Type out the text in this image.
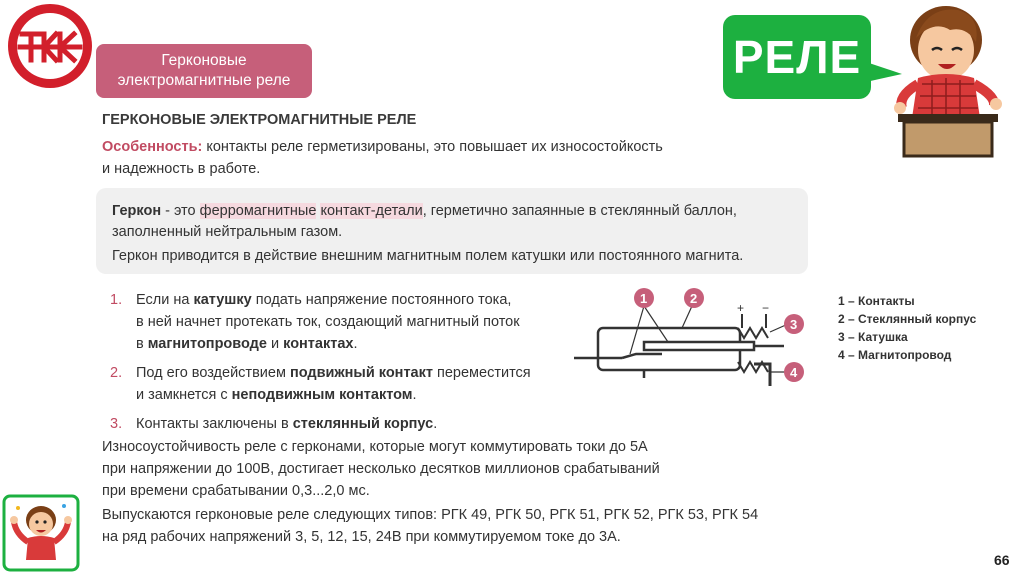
Герконовые
электромагнитные реле	РЕЛЕ
ГЕРКОНОВЫЕ ЭЛЕКТРОМАГНИТНЫЕ РЕЛЕ
Особенность: контакты реле герметизированы, это повышает их износостойкость
и надежность в работе.

Геркон - это ферромагнитные контакт-детали, герметично запаянные в стеклянный баллон,

заполненный нейтральным газом.

Геркон приводится в действие внешним магнитным полем катушки или постоянного магнита.

1. Если на катушку подать напряжение постоянного тока,
в ней начнет протекать ток, создающий магнитный поток
в магнитопроводе и контактах.
2. Под его воздействием подвижный контакт переместится
и замкнется с неподвижным контактом.
3. Контакты заключены в стеклянный корпус.
+ −
1	2
3
4
1 – Контакты
2 – Стеклянный корпус
3 – Катушка
4 – Магнитопровод
Износоустойчивость реле с герконами, которые могут коммутировать токи до 5А
при напряжении до 100В, достигает несколько десятков миллионов срабатываний
при времени срабатывании 0,3...2,0 мс.
Выпускаются герконовые реле следующих типов: РГК 49, РГК 50, РГК 51, РГК 52, РГК 53, РГК 54
на ряд рабочих напряжений 3, 5, 12, 15, 24В при коммутируемом токе до 3А.
66
